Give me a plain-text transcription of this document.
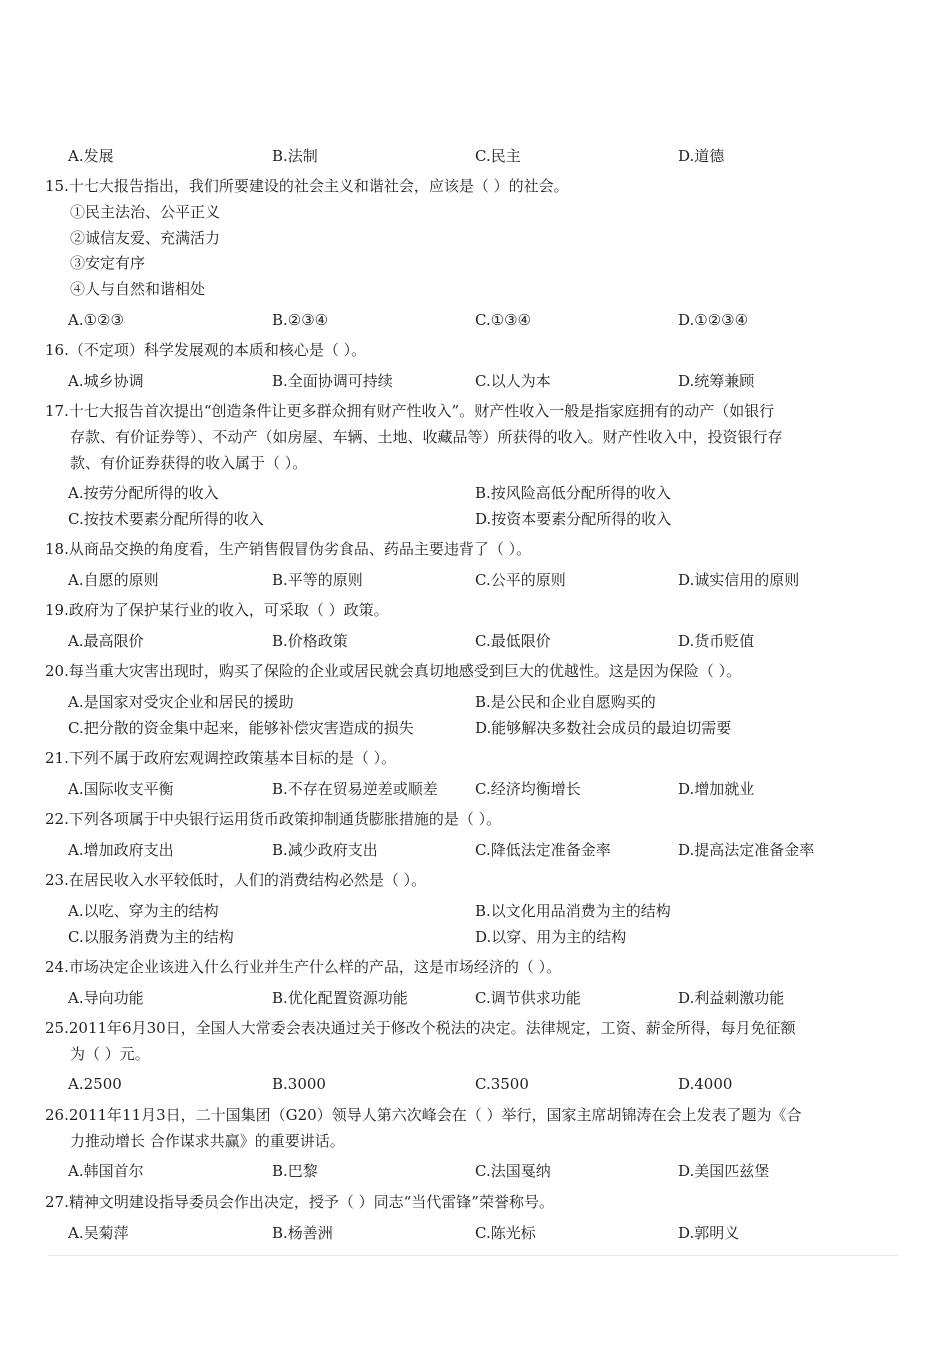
A.发展	B.法制	C.民主	D.道德
15.十七大报告指出，我们所要建设的社会主义和谐社会，应该是（ ）的社会。
①民主法治、公平正义
②诚信友爱、充满活力
③安定有序
④人与自然和谐相处
A.①②③	B.②③④	C.①③④	D.①②③④
16.（不定项）科学发展观的本质和核心是（ ）。
A.城乡协调	B.全面协调可持续	C.以人为本	D.统筹兼顾
17.十七大报告首次提出“创造条件让更多群众拥有财产性收入”。财产性收入一般是指家庭拥有的动产（如银行
存款、有价证券等）、不动产（如房屋、车辆、土地、收藏品等）所获得的收入。财产性收入中，投资银行存
款、有价证券获得的收入属于（ ）。
A.按劳分配所得的收入	B.按风险高低分配所得的收入
C.按技术要素分配所得的收入	D.按资本要素分配所得的收入
18.从商品交换的角度看，生产销售假冒伪劣食品、药品主要违背了（ ）。
A.自愿的原则	B.平等的原则	C.公平的原则	D.诚实信用的原则
19.政府为了保护某行业的收入，可采取（ ）政策。
A.最高限价	B.价格政策	C.最低限价	D.货币贬值
20.每当重大灾害出现时，购买了保险的企业或居民就会真切地感受到巨大的优越性。这是因为保险（ ）。
A.是国家对受灾企业和居民的援助	B.是公民和企业自愿购买的
C.把分散的资金集中起来，能够补偿灾害造成的损失	D.能够解决多数社会成员的最迫切需要
21.下列不属于政府宏观调控政策基本目标的是（ ）。
A.国际收支平衡	B.不存在贸易逆差或顺差 C.经济均衡增长	D.增加就业
22.下列各项属于中央银行运用货币政策抑制通货膨胀措施的是（ ）。
A.增加政府支出	B.减少政府支出	C.降低法定准备金率	D.提高法定准备金率
23.在居民收入水平较低时，人们的消费结构必然是（ ）。
A.以吃、穿为主的结构	B.以文化用品消费为主的结构
C.以服务消费为主的结构	D.以穿、用为主的结构
24.市场决定企业该进入什么行业并生产什么样的产品，这是市场经济的（ ）。
A.导向功能	B.优化配置资源功能	C.调节供求功能	D.利益刺激功能
25.2011年6月30日，全国人大常委会表决通过关于修改个税法的决定。法律规定，工资、薪金所得，每月免征额
为（ ）元。
A.2500	B.3000	C.3500	D.4000
26.2011年11月3日，二十国集团（G20）领导人第六次峰会在（ ）举行，国家主席胡锦涛在会上发表了题为《合
力推动增长 合作谋求共赢》的重要讲话。
A.韩国首尔	B.巴黎	C.法国戛纳	D.美国匹兹堡
27.精神文明建设指导委员会作出决定，授予（ ）同志“当代雷锋”荣誉称号。
A.吴菊萍	B.杨善洲	C.陈光标	D.郭明义
